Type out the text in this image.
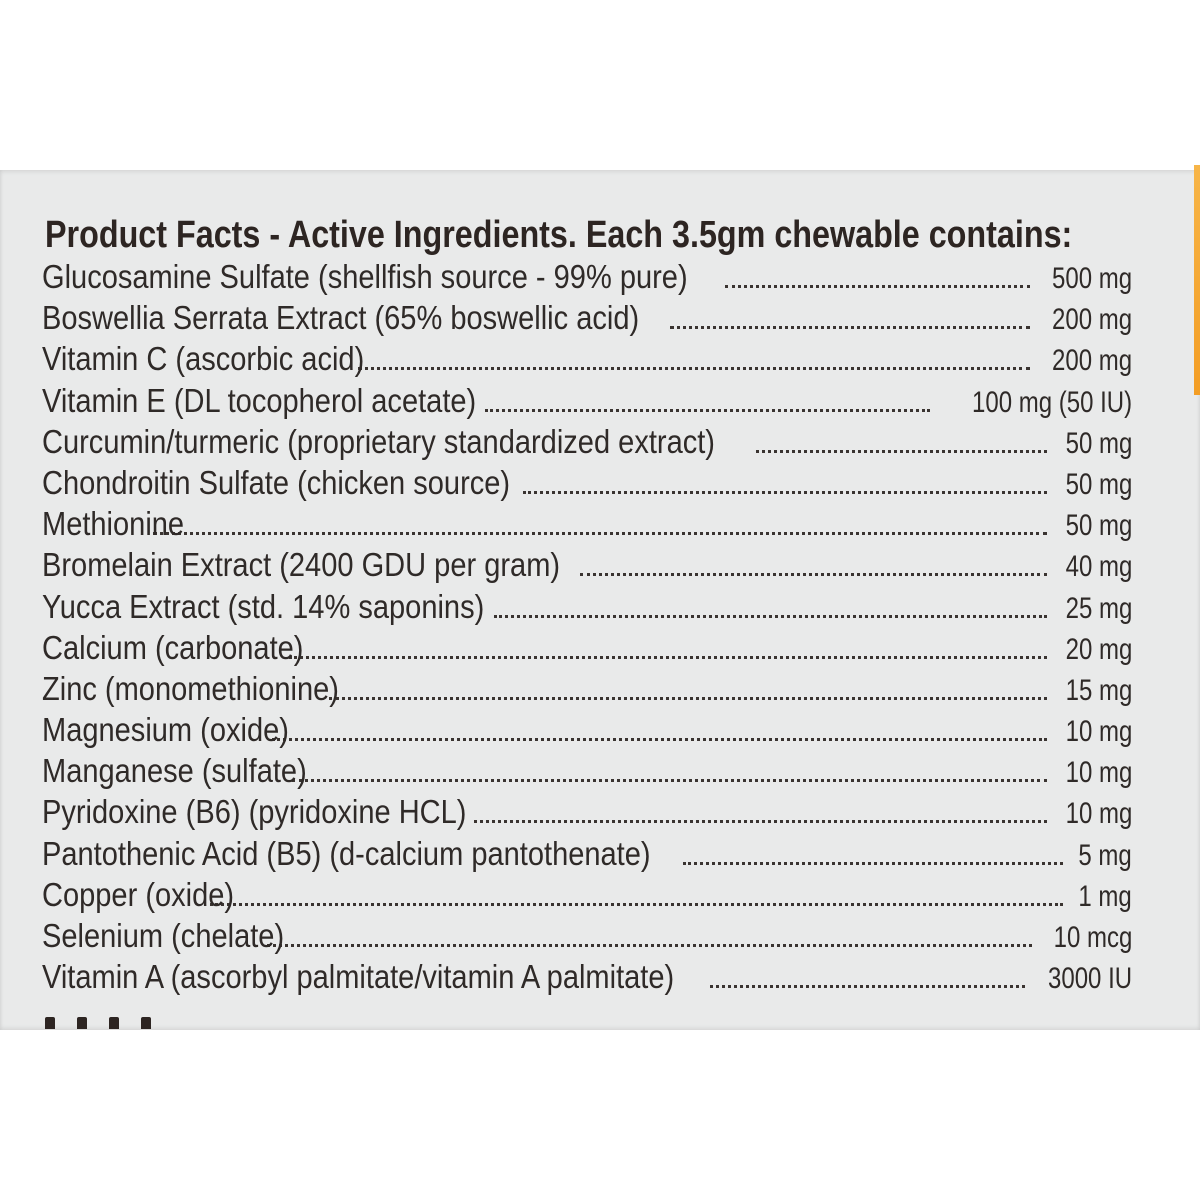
Product Facts - Active Ingredients. Each 3.5gm chewable contains:
Glucosamine Sulfate (shellfish source - 99% pure)	500 mg
Boswellia Serrata Extract (65% boswellic acid)	200 mg
Vitamin C (ascorbic acid)	200 mg
Vitamin E (DL tocopherol acetate)	100 mg (50 IU)
Curcumin/turmeric (proprietary standardized extract)	50 mg
Chondroitin Sulfate (chicken source)	50 mg
Methionine	50 mg
Bromelain Extract (2400 GDU per gram)	40 mg
Yucca Extract (std. 14% saponins)	25 mg
Calcium (carbonate)	20 mg
Zinc (monomethionine)	15 mg
Magnesium (oxide)	10 mg
Manganese (sulfate)	10 mg
Pyridoxine (B6) (pyridoxine HCL)	10 mg
Pantothenic Acid (B5) (d-calcium pantothenate)	5 mg
Copper (oxide)	1 mg
Selenium (chelate)	10 mcg
Vitamin A (ascorbyl palmitate/vitamin A palmitate)	3000 IU
